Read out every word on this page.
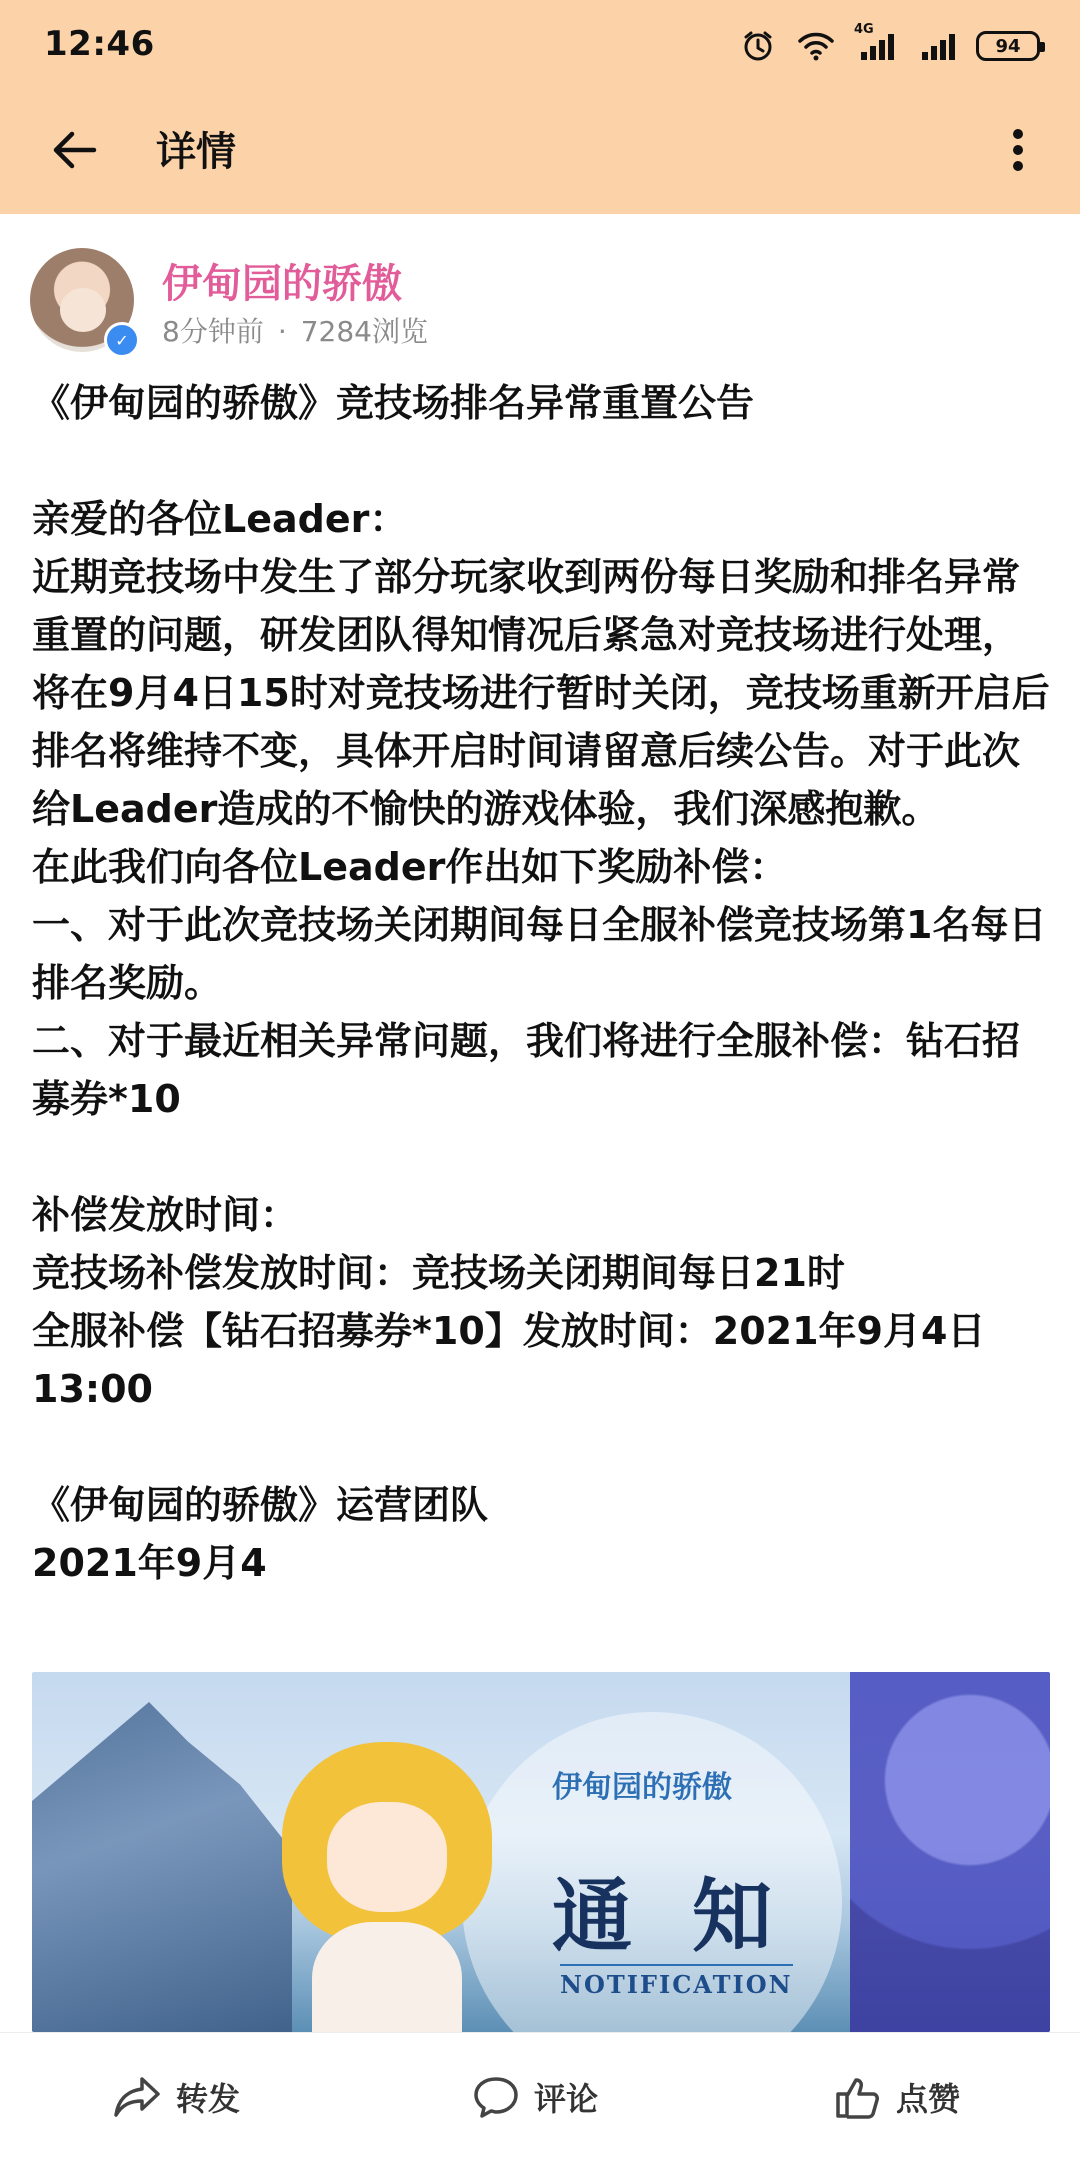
12:46	4G
94
详情
✓
伊甸园的骄傲
8分钟前 · 7284浏览

《伊甸园的骄傲》竞技场排名异常重置公告

亲爱的各位Leader：

近期竞技场中发生了部分玩家收到两份每日奖励和排名异常重置的问题，研发团队得知情况后紧急对竞技场进行处理，将在9月4日15时对竞技场进行暂时关闭，竞技场重新开启后排名将维持不变，具体开启时间请留意后续公告。对于此次给Leader造成的不愉快的游戏体验，我们深感抱歉。

在此我们向各位Leader作出如下奖励补偿：

一、对于此次竞技场关闭期间每日全服补偿竞技场第1名每日排名奖励。

二、对于最近相关异常问题，我们将进行全服补偿：钻石招募券*10

补偿发放时间：

竞技场补偿发放时间：竞技场关闭期间每日21时

全服补偿【钻石招募券*10】发放时间：2021年9月4日13:00

《伊甸园的骄傲》运营团队

2021年9月4

伊甸园的骄傲
通知
NOTIFICATION
转发	评论	点赞
